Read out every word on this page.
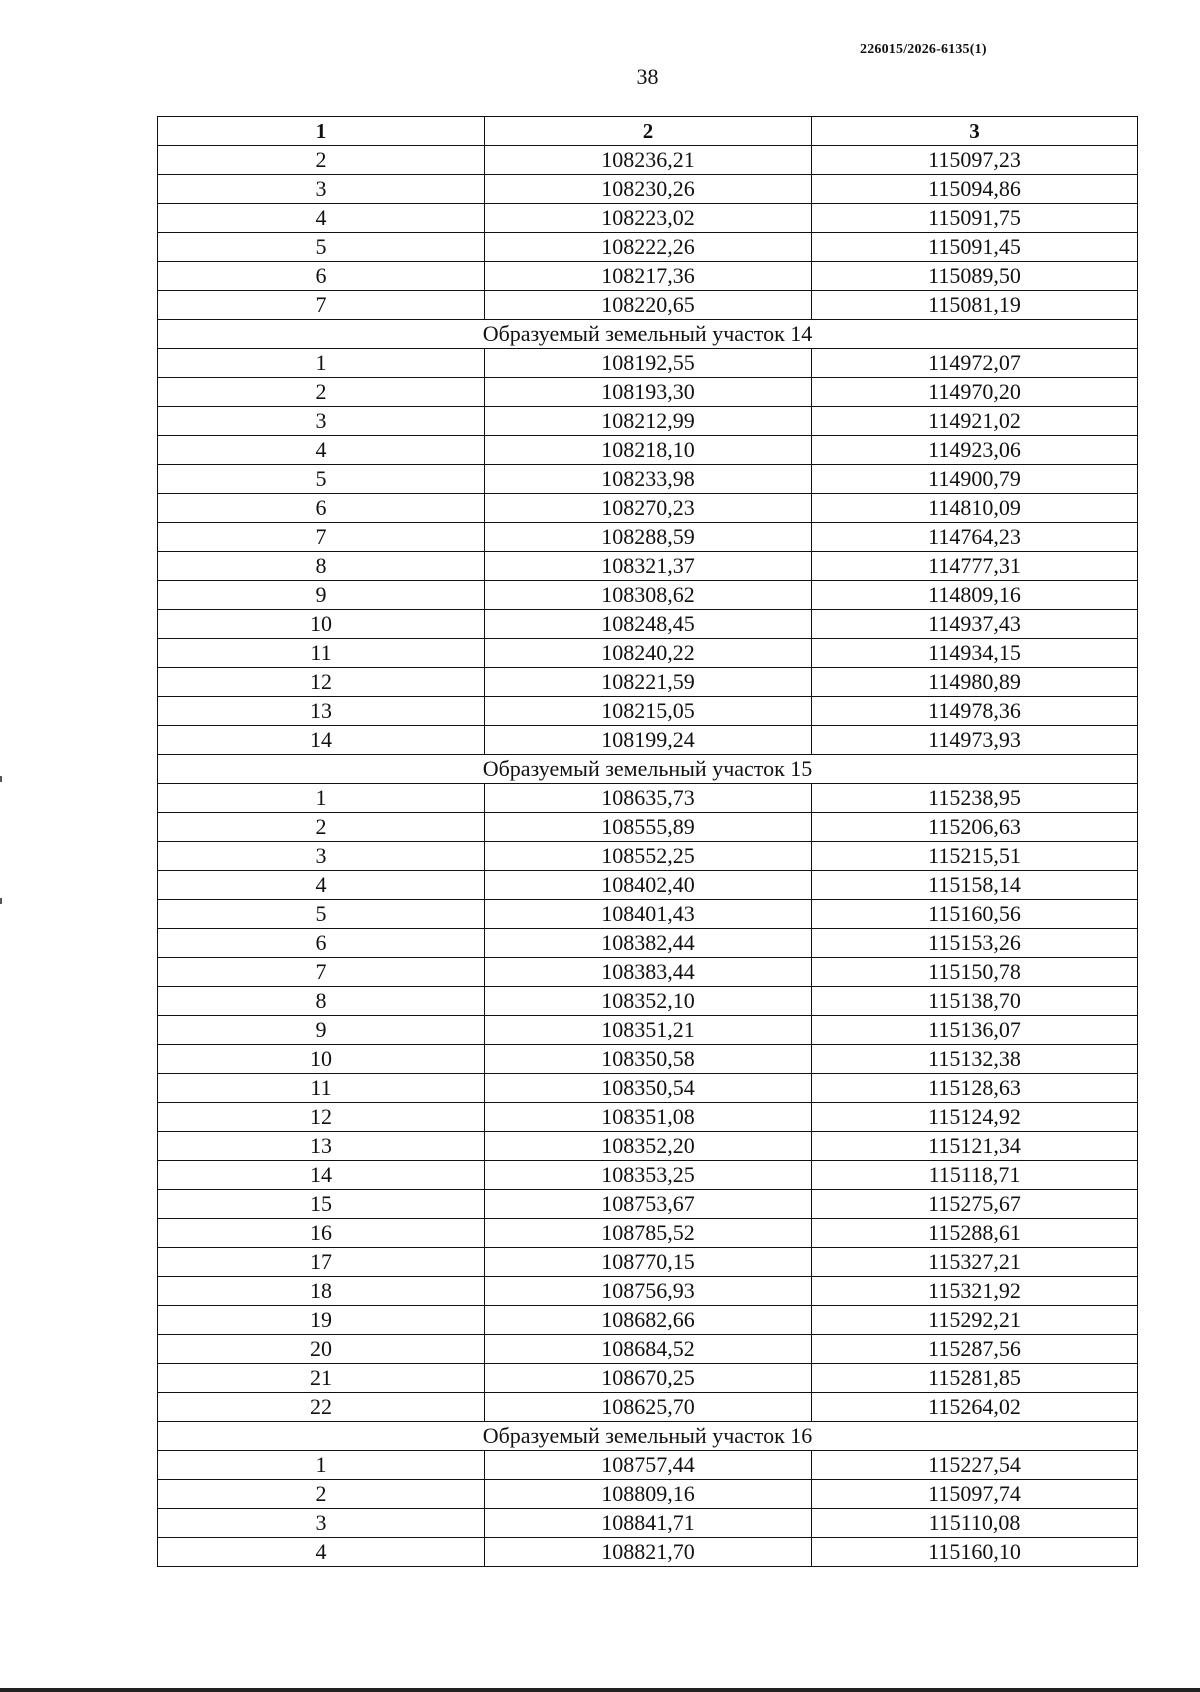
226015/2026-6135(1)
38
1	2	3
2	108236,21	115097,23
3	108230,26	115094,86
4	108223,02	115091,75
5	108222,26	115091,45
6	108217,36	115089,50
7	108220,65	115081,19
Образуемый земельный участок 14		
1	108192,55	114972,07
2	108193,30	114970,20
3	108212,99	114921,02
4	108218,10	114923,06
5	108233,98	114900,79
6	108270,23	114810,09
7	108288,59	114764,23
8	108321,37	114777,31
9	108308,62	114809,16
10	108248,45	114937,43
11	108240,22	114934,15
12	108221,59	114980,89
13	108215,05	114978,36
14	108199,24	114973,93
Образуемый земельный участок 15		
1	108635,73	115238,95
2	108555,89	115206,63
3	108552,25	115215,51
4	108402,40	115158,14
5	108401,43	115160,56
6	108382,44	115153,26
7	108383,44	115150,78
8	108352,10	115138,70
9	108351,21	115136,07
10	108350,58	115132,38
11	108350,54	115128,63
12	108351,08	115124,92
13	108352,20	115121,34
14	108353,25	115118,71
15	108753,67	115275,67
16	108785,52	115288,61
17	108770,15	115327,21
18	108756,93	115321,92
19	108682,66	115292,21
20	108684,52	115287,56
21	108670,25	115281,85
22	108625,70	115264,02
Образуемый земельный участок 16		
1	108757,44	115227,54
2	108809,16	115097,74
3	108841,71	115110,08
4	108821,70	115160,10
